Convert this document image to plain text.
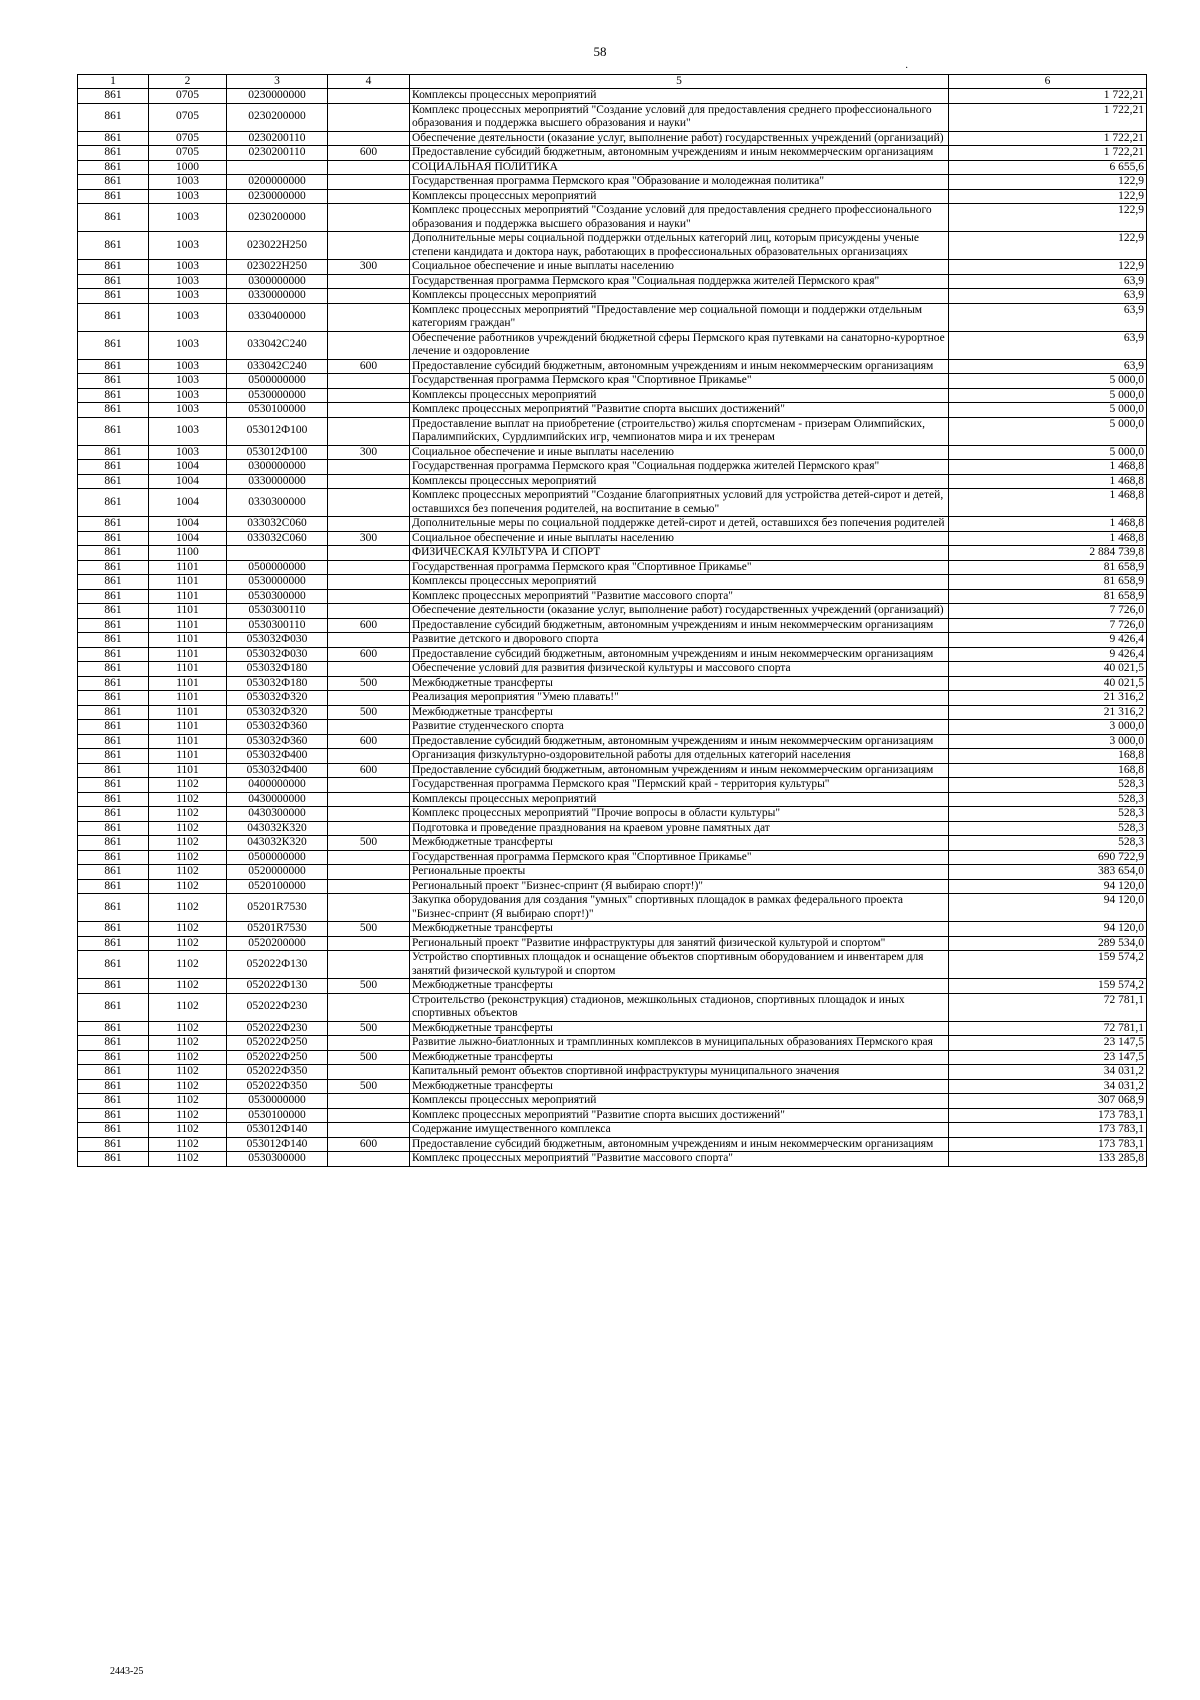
58
·
1	2	3	4	5	6
861	0705	0230000000		Комплексы процессных мероприятий	1 722,21
861	0705	0230200000		Комплекс процессных мероприятий "Создание условий для предоставления среднего профессионального образования и поддержка высшего образования и науки"	1 722,21
861	0705	0230200110		Обеспечение деятельности (оказание услуг, выполнение работ) государственных учреждений (организаций)	1 722,21
861	0705	0230200110	600	Предоставление субсидий бюджетным, автономным учреждениям и иным некоммерческим организациям	1 722,21
861	1000			СОЦИАЛЬНАЯ ПОЛИТИКА	6 655,6
861	1003	0200000000		Государственная программа Пермского края "Образование и молодежная политика"	122,9
861	1003	0230000000		Комплексы процессных мероприятий	122,9
861	1003	0230200000		Комплекс процессных мероприятий "Создание условий для предоставления среднего профессионального образования и поддержка высшего образования и науки"	122,9
861	1003	023022Н250		Дополнительные меры социальной поддержки отдельных категорий лиц, которым присуждены ученые степени кандидата и доктора наук, работающих в профессиональных образовательных организациях	122,9
861	1003	023022Н250	300	Социальное обеспечение и иные выплаты населению	122,9
861	1003	0300000000		Государственная программа Пермского края "Социальная поддержка жителей Пермского края"	63,9
861	1003	0330000000		Комплексы процессных мероприятий	63,9
861	1003	0330400000		Комплекс процессных мероприятий "Предоставление мер социальной помощи и поддержки отдельным категориям граждан"	63,9
861	1003	033042С240		Обеспечение работников учреждений бюджетной сферы Пермского края путевками на санаторно-курортное лечение и оздоровление	63,9
861	1003	033042С240	600	Предоставление субсидий бюджетным, автономным учреждениям и иным некоммерческим организациям	63,9
861	1003	0500000000		Государственная программа Пермского края "Спортивное Прикамье"	5 000,0
861	1003	0530000000		Комплексы процессных мероприятий	5 000,0
861	1003	0530100000		Комплекс процессных мероприятий "Развитие спорта высших достижений"	5 000,0
861	1003	053012Ф100		Предоставление выплат на приобретение (строительство) жилья спортсменам - призерам Олимпийских, Паралимпийских, Сурдлимпийских игр, чемпионатов мира и их тренерам	5 000,0
861	1003	053012Ф100	300	Социальное обеспечение и иные выплаты населению	5 000,0
861	1004	0300000000		Государственная программа Пермского края "Социальная поддержка жителей Пермского края"	1 468,8
861	1004	0330000000		Комплексы процессных мероприятий	1 468,8
861	1004	0330300000		Комплекс процессных мероприятий "Создание благоприятных условий для устройства детей-сирот и детей, оставшихся без попечения родителей, на воспитание в семью"	1 468,8
861	1004	033032С060		Дополнительные меры по социальной поддержке детей-сирот и детей, оставшихся без попечения родителей	1 468,8
861	1004	033032С060	300	Социальное обеспечение и иные выплаты населению	1 468,8
861	1100			ФИЗИЧЕСКАЯ КУЛЬТУРА И СПОРТ	2 884 739,8
861	1101	0500000000		Государственная программа Пермского края "Спортивное Прикамье"	81 658,9
861	1101	0530000000		Комплексы процессных мероприятий	81 658,9
861	1101	0530300000		Комплекс процессных мероприятий "Развитие массового спорта"	81 658,9
861	1101	0530300110		Обеспечение деятельности (оказание услуг, выполнение работ) государственных учреждений (организаций)	7 726,0
861	1101	0530300110	600	Предоставление субсидий бюджетным, автономным учреждениям и иным некоммерческим организациям	7 726,0
861	1101	053032Ф030		Развитие детского и дворового спорта	9 426,4
861	1101	053032Ф030	600	Предоставление субсидий бюджетным, автономным учреждениям и иным некоммерческим организациям	9 426,4
861	1101	053032Ф180		Обеспечение условий для развития физической культуры и массового спорта	40 021,5
861	1101	053032Ф180	500	Межбюджетные трансферты	40 021,5
861	1101	053032Ф320		Реализация мероприятия "Умею плавать!"	21 316,2
861	1101	053032Ф320	500	Межбюджетные трансферты	21 316,2
861	1101	053032Ф360		Развитие студенческого спорта	3 000,0
861	1101	053032Ф360	600	Предоставление субсидий бюджетным, автономным учреждениям и иным некоммерческим организациям	3 000,0
861	1101	053032Ф400		Организация физкультурно-оздоровительной работы для отдельных категорий населения	168,8
861	1101	053032Ф400	600	Предоставление субсидий бюджетным, автономным учреждениям и иным некоммерческим организациям	168,8
861	1102	0400000000		Государственная программа Пермского края "Пермский край - территория культуры"	528,3
861	1102	0430000000		Комплексы процессных мероприятий	528,3
861	1102	0430300000		Комплекс процессных мероприятий "Прочие вопросы в области культуры"	528,3
861	1102	043032К320		Подготовка и проведение празднования на краевом уровне памятных дат	528,3
861	1102	043032К320	500	Межбюджетные трансферты	528,3
861	1102	0500000000		Государственная программа Пермского края "Спортивное Прикамье"	690 722,9
861	1102	0520000000		Региональные проекты	383 654,0
861	1102	0520100000		Региональный проект "Бизнес-спринт (Я выбираю спорт!)"	94 120,0
861	1102	05201R7530		Закупка оборудования для создания "умных" спортивных площадок в рамках федерального проекта "Бизнес-спринт (Я выбираю спорт!)"	94 120,0
861	1102	05201R7530	500	Межбюджетные трансферты	94 120,0
861	1102	0520200000		Региональный проект "Развитие инфраструктуры для занятий физической культурой и спортом"	289 534,0
861	1102	052022Ф130		Устройство спортивных площадок и оснащение объектов спортивным оборудованием и инвентарем для занятий физической культурой и спортом	159 574,2
861	1102	052022Ф130	500	Межбюджетные трансферты	159 574,2
861	1102	052022Ф230		Строительство (реконструкция) стадионов, межшкольных стадионов, спортивных площадок и иных спортивных объектов	72 781,1
861	1102	052022Ф230	500	Межбюджетные трансферты	72 781,1
861	1102	052022Ф250		Развитие лыжно-биатлонных и трамплинных комплексов в муниципальных образованиях Пермского края	23 147,5
861	1102	052022Ф250	500	Межбюджетные трансферты	23 147,5
861	1102	052022Ф350		Капитальный ремонт объектов спортивной инфраструктуры муниципального значения	34 031,2
861	1102	052022Ф350	500	Межбюджетные трансферты	34 031,2
861	1102	0530000000		Комплексы процессных мероприятий	307 068,9
861	1102	0530100000		Комплекс процессных мероприятий "Развитие спорта высших достижений"	173 783,1
861	1102	053012Ф140		Содержание имущественного комплекса	173 783,1
861	1102	053012Ф140	600	Предоставление субсидий бюджетным, автономным учреждениям и иным некоммерческим организациям	173 783,1
861	1102	0530300000		Комплекс процессных мероприятий "Развитие массового спорта"	133 285,8
2443-25
